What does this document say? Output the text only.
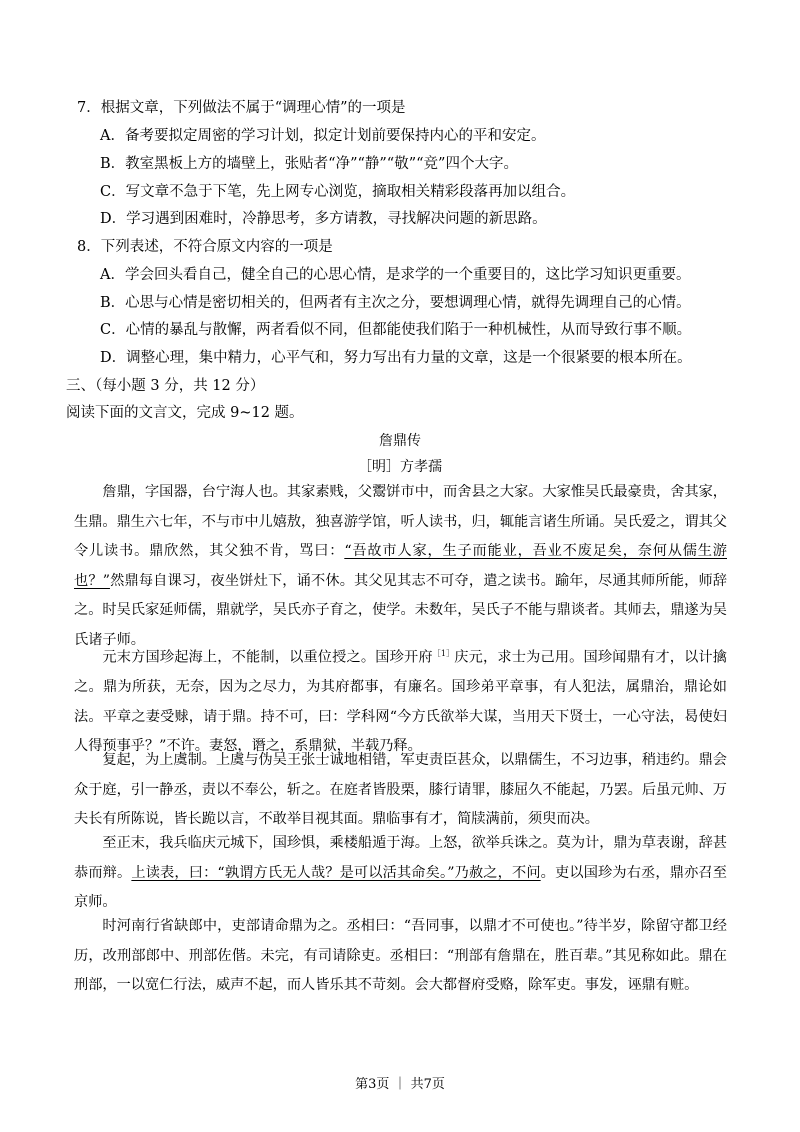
7．根据文章，下列做法不属于“调理心情”的一项是
A．备考要拟定周密的学习计划，拟定计划前要保持内心的平和安定。
B．教室黑板上方的墙壁上，张贴者“净”“静”“敬”“竞”四个大字。
C．写文章不急于下笔，先上网专心浏览，摘取相关精彩段落再加以组合。
D．学习遇到困难时，冷静思考，多方请教，寻找解决问题的新思路。
8．下列表述，不符合原文内容的一项是
A．学会回头看自己，健全自己的心思心情，是求学的一个重要目的，这比学习知识更重要。
B．心思与心情是密切相关的，但两者有主次之分，要想调理心情，就得先调理自己的心情。
C．心情的暴乱与散懈，两者看似不同，但都能使我们陷于一种机械性，从而导致行事不顺。
D．调整心理，集中精力，心平气和，努力写出有力量的文章，这是一个很紧要的根本所在。
三、（每小题 3 分，共 12 分）
阅读下面的文言文，完成 9~12 题。
詹鼎传
［明］方孝孺
詹鼎，字国器，台宁海人也。其家素贱，父鬻饼市中，而舍县之大家。大家惟吴氏最豪贵，舍其家，生鼎。鼎生六七年，不与市中儿嬉敖，独喜游学馆，听人读书，归，辄能言诸生所诵。吴氏爱之，谓其父令儿读书。鼎欣然，其父独不肯，骂曰：“吾故市人家，生子而能业，吾业不废足矣，奈何从儒生游也？”然鼎每自课习，夜坐饼灶下，诵不休。其父见其志不可夺，遣之读书。踰年，尽通其师所能，师辞之。时吴氏家延师儒，鼎就学，吴氏亦子育之，使学。未数年，吴氏子不能与鼎谈者。其师去，鼎遂为吴氏诸子师。
元末方国珍起海上，不能制，以重位授之。国珍开府$^{[1]}$庆元，求士为己用。国珍闻鼎有才，以计擒之。鼎为所获，无奈，因为之尽力，为其府都事，有廉名。国珍弟平章事，有人犯法，属鼎治，鼎论如法。平章之妻受赇，请于鼎。持不可，曰：学科网“今方氏欲举大谋，当用天下贤士，一心守法，曷使妇人得预事乎？”不许。妻怒，谮之，系鼎狱，半载乃释。
复起，为上虞制。上虞与伪吴王张士诚地相错，军吏责臣甚众，以鼎儒生，不习边事，稍违约。鼎会众于庭，引一静丞，责以不奉公，斩之。在庭者皆股栗，膝行请罪，膝屈久不能起，乃罢。后虽元帅、万夫长有所陈说，皆长跪以言，不敢举目视其面。鼎临事有才，简牍满前，须臾而决。
至正末，我兵临庆元城下，国珍惧，乘楼船遁于海。上怒，欲举兵诛之。莫为计，鼎为草表谢，辞甚恭而辩。上读表，曰：“孰谓方氏无人哉？是可以活其命矣。”乃赦之，不问。吏以国珍为右丞，鼎亦召至京师。
时河南行省缺郎中，吏部请命鼎为之。丞相曰：“吾同事，以鼎才不可使也。”待半岁，除留守都卫经历，改刑部郎中、刑部佐偕。未完，有司请除吏。丞相曰：“刑部有詹鼎在，胜百辈。”其见称如此。鼎在刑部，一以宽仁行法，威声不起，而人皆乐其不苛刻。会大都督府受赂，除军吏。事发，诬鼎有赃。
第3页 ｜ 共7页
